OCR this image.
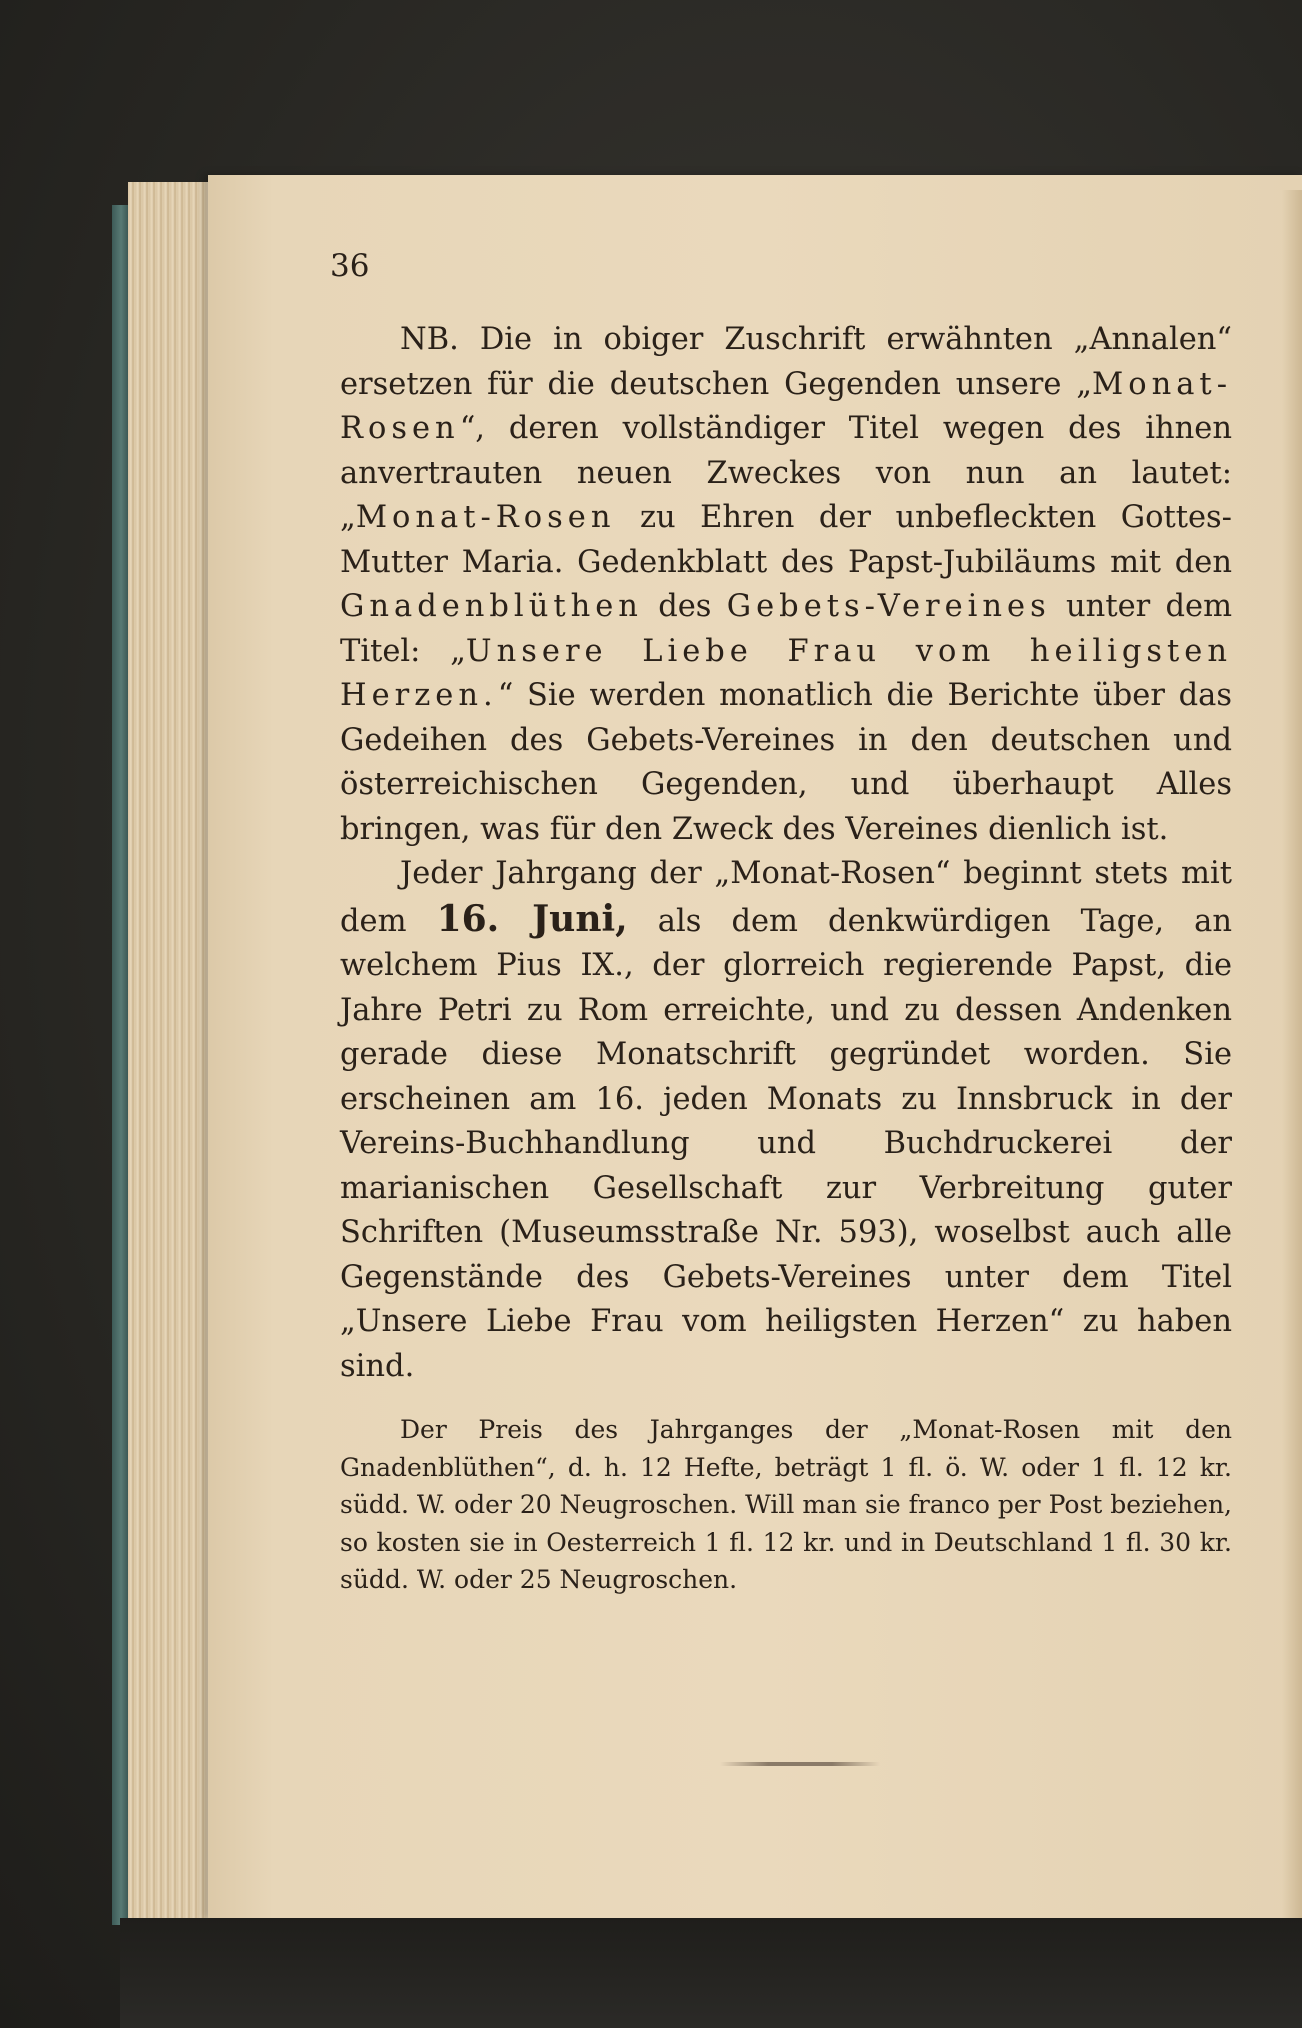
36

NB. Die in obiger Zuschrift erwähnten „Annalen“ ersetzen für die deutschen Gegenden unsere „Monat-Rosen“, deren vollständiger Titel wegen des ihnen anvertrauten neuen Zweckes von nun an lautet: „Monat-Rosen zu Ehren der unbefleckten Gottes-Mutter Maria. Gedenkblatt des Papst-Jubiläums mit den Gnadenblüthen des Gebets-Vereines unter dem Titel: „Unsere Liebe Frau vom heiligsten Herzen.“ Sie werden monatlich die Berichte über das Gedeihen des Gebets-Vereines in den deutschen und österreichischen Gegenden, und überhaupt Alles bringen, was für den Zweck des Vereines dienlich ist.

Jeder Jahrgang der „Monat-Rosen“ beginnt stets mit dem 16. Juni, als dem denkwürdigen Tage, an welchem Pius IX., der glorreich regierende Papst, die Jahre Petri zu Rom erreichte, und zu dessen Andenken gerade diese Monatschrift gegründet worden. Sie erscheinen am 16. jeden Monats zu Innsbruck in der Vereins-Buchhandlung und Buchdruckerei der marianischen Gesellschaft zur Verbreitung guter Schriften (Museumsstraße Nr. 593), woselbst auch alle Gegenstände des Gebets-Vereines unter dem Titel „Unsere Liebe Frau vom heiligsten Herzen“ zu haben sind.

Der Preis des Jahrganges der „Monat-Rosen mit den Gnadenblüthen“, d. h. 12 Hefte, beträgt 1 fl. ö. W. oder 1 fl. 12 kr. südd. W. oder 20 Neugroschen. Will man sie franco per Post beziehen, so kosten sie in Oesterreich 1 fl. 12 kr. und in Deutschland 1 fl. 30 kr. südd. W. oder 25 Neugroschen.
